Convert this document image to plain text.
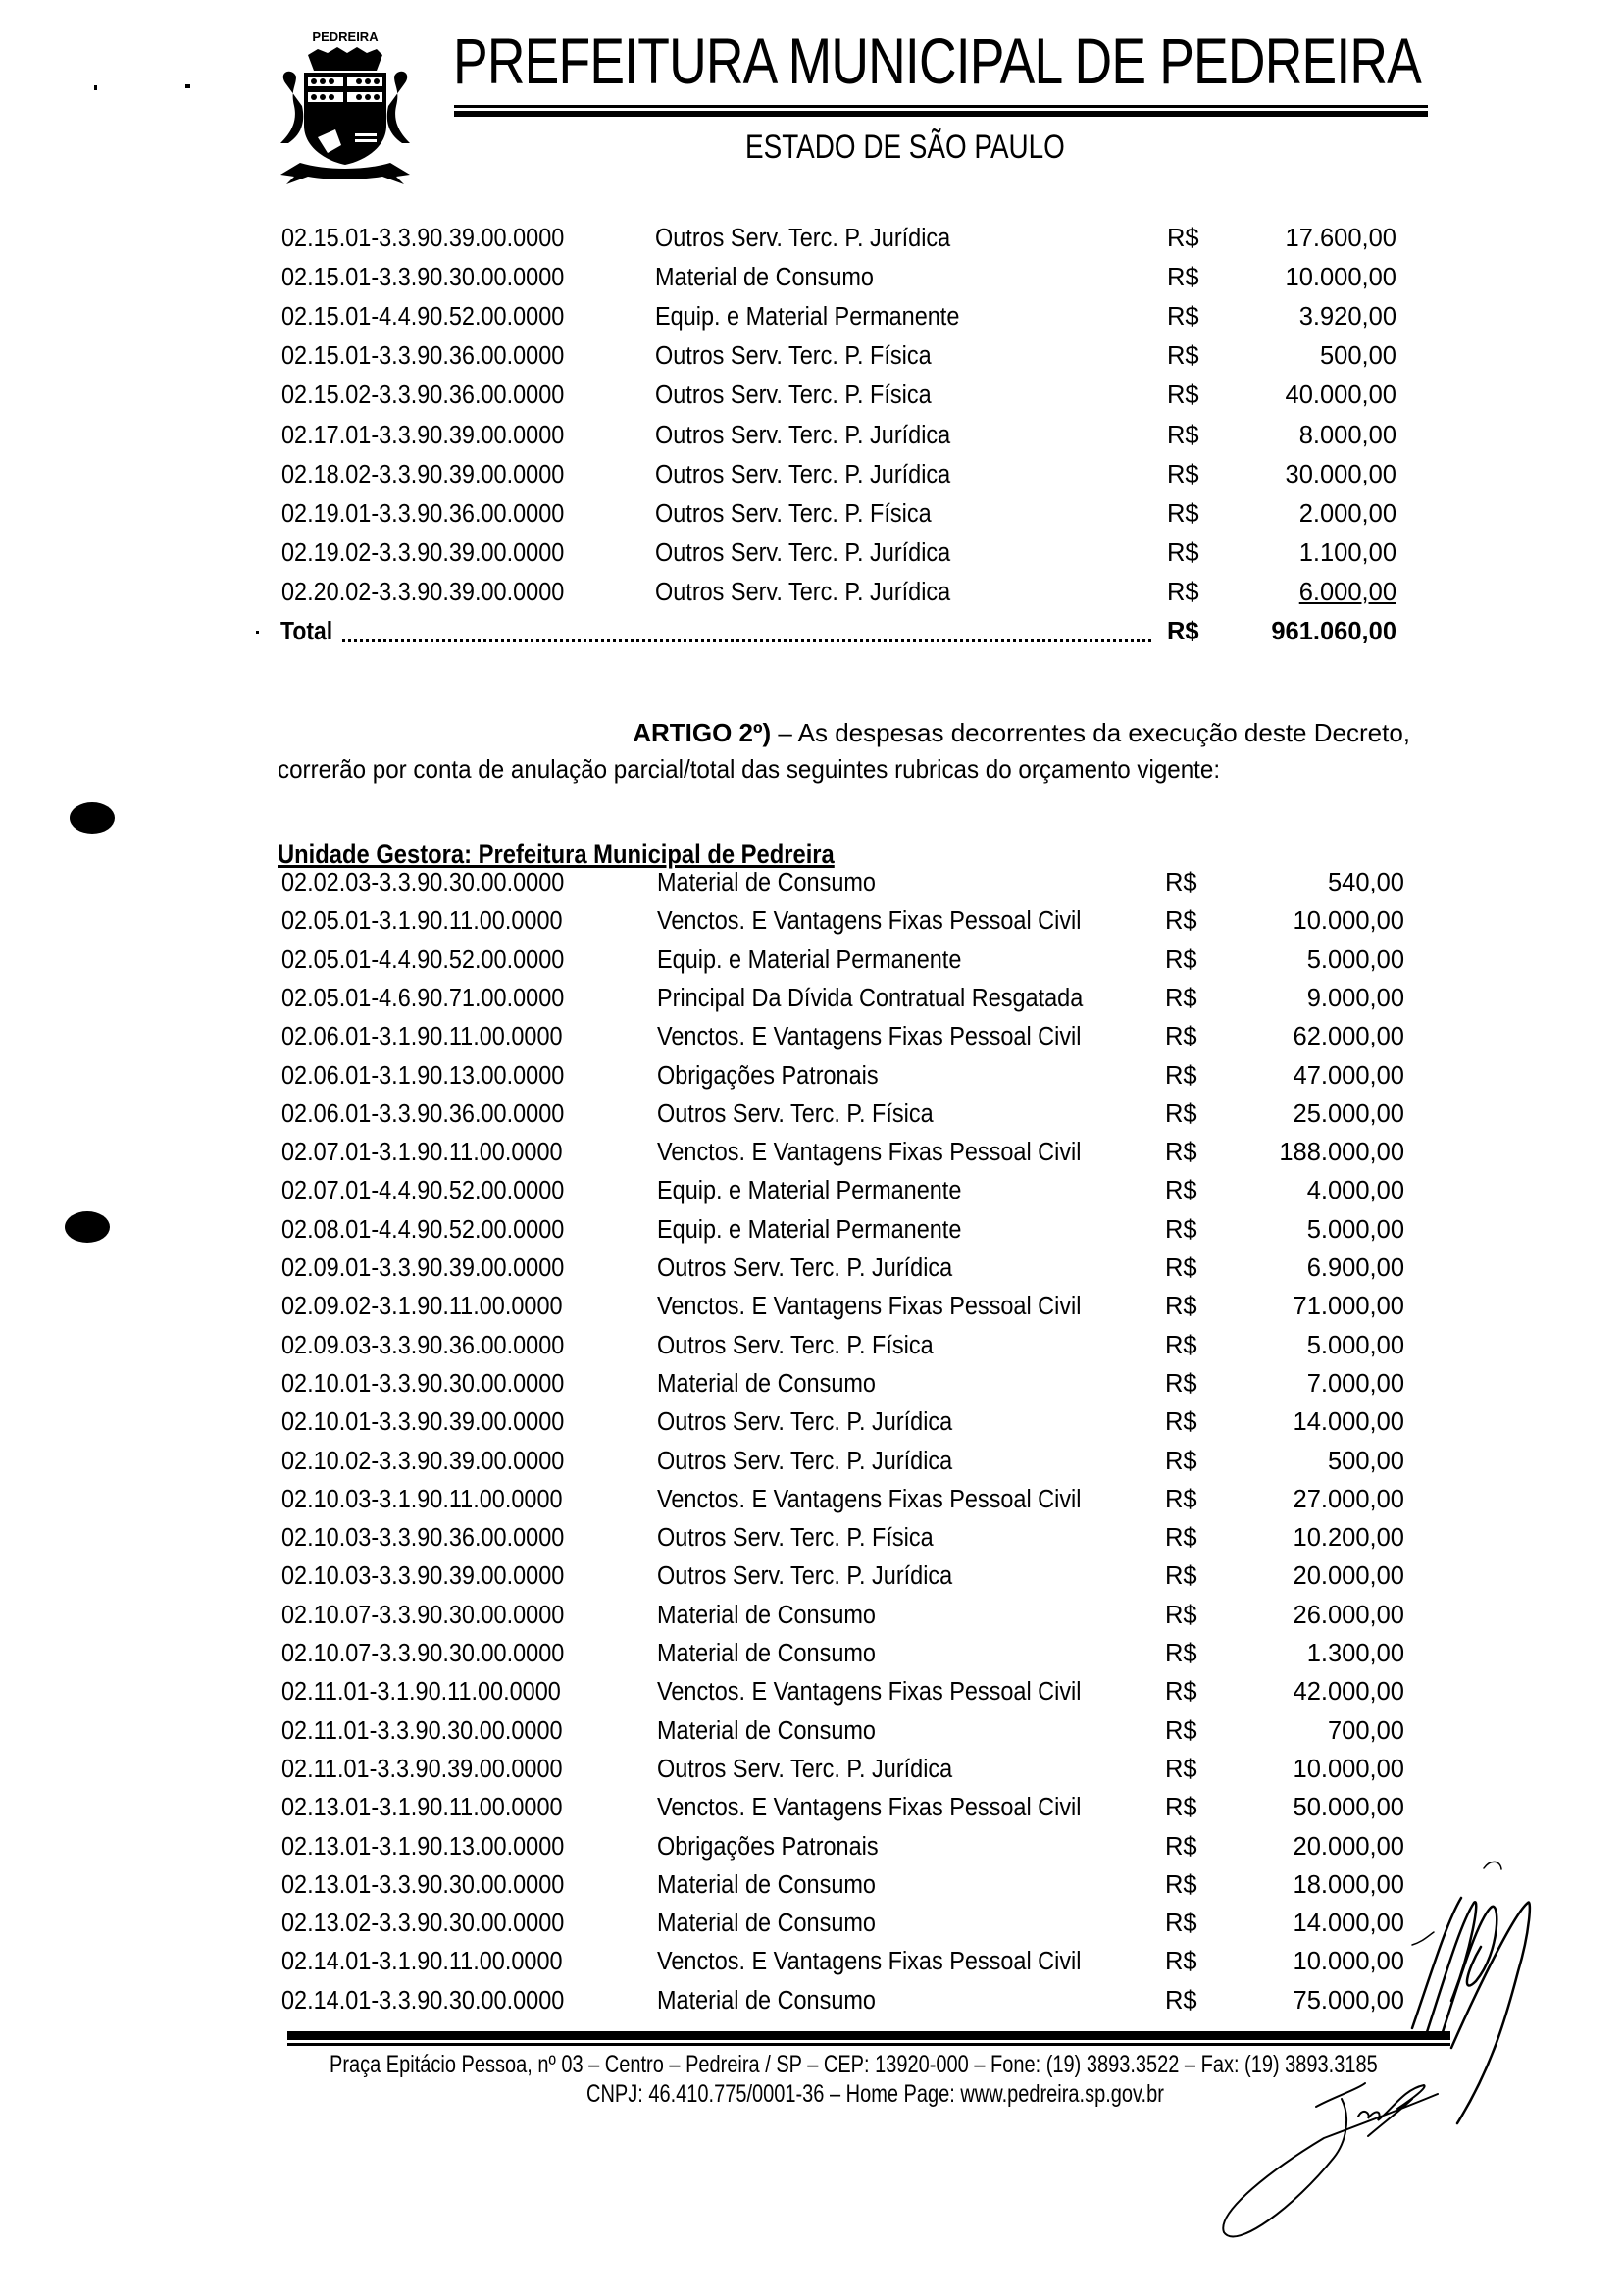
PEDREIRA PREFEITURA MUNICIPAL DE PEDREIRA
ESTADO DE SÃO PAULO
02.15.01-3.3.90.39.00.0000	Outros Serv. Terc. P. Jurídica	R$	17.600,00
02.15.01-3.3.90.30.00.0000	Material de Consumo	R$	10.000,00
02.15.01-4.4.90.52.00.0000	Equip. e Material Permanente	R$	3.920,00
02.15.01-3.3.90.36.00.0000	Outros Serv. Terc. P. Física	R$	500,00
02.15.02-3.3.90.36.00.0000	Outros Serv. Terc. P. Física	R$	40.000,00
02.17.01-3.3.90.39.00.0000	Outros Serv. Terc. P. Jurídica	R$	8.000,00
02.18.02-3.3.90.39.00.0000	Outros Serv. Terc. P. Jurídica	R$	30.000,00
02.19.01-3.3.90.36.00.0000	Outros Serv. Terc. P. Física	R$	2.000,00
02.19.02-3.3.90.39.00.0000	Outros Serv. Terc. P. Jurídica	R$	1.100,00
02.20.02-3.3.90.39.00.0000	Outros Serv. Terc. P. Jurídica	R$	6.000,00
Total	R$	961.060,00
ARTIGO 2º) – As despesas decorrentes da execução deste Decreto,
correrão por conta de anulação parcial/total das seguintes rubricas do orçamento vigente:
Unidade Gestora: Prefeitura Municipal de Pedreira
02.02.03-3.3.90.30.00.0000	Material de Consumo	R$	540,00
02.05.01-3.1.90.11.00.0000	Venctos. E Vantagens Fixas Pessoal Civil	R$	10.000,00
02.05.01-4.4.90.52.00.0000	Equip. e Material Permanente	R$	5.000,00
02.05.01-4.6.90.71.00.0000	Principal Da Dívida Contratual Resgatada	R$	9.000,00
02.06.01-3.1.90.11.00.0000	Venctos. E Vantagens Fixas Pessoal Civil	R$	62.000,00
02.06.01-3.1.90.13.00.0000	Obrigações Patronais	R$	47.000,00
02.06.01-3.3.90.36.00.0000	Outros Serv. Terc. P. Física	R$	25.000,00
02.07.01-3.1.90.11.00.0000	Venctos. E Vantagens Fixas Pessoal Civil	R$	188.000,00
02.07.01-4.4.90.52.00.0000	Equip. e Material Permanente	R$	4.000,00
02.08.01-4.4.90.52.00.0000	Equip. e Material Permanente	R$	5.000,00
02.09.01-3.3.90.39.00.0000	Outros Serv. Terc. P. Jurídica	R$	6.900,00
02.09.02-3.1.90.11.00.0000	Venctos. E Vantagens Fixas Pessoal Civil	R$	71.000,00
02.09.03-3.3.90.36.00.0000	Outros Serv. Terc. P. Física	R$	5.000,00
02.10.01-3.3.90.30.00.0000	Material de Consumo	R$	7.000,00
02.10.01-3.3.90.39.00.0000	Outros Serv. Terc. P. Jurídica	R$	14.000,00
02.10.02-3.3.90.39.00.0000	Outros Serv. Terc. P. Jurídica	R$	500,00
02.10.03-3.1.90.11.00.0000	Venctos. E Vantagens Fixas Pessoal Civil	R$	27.000,00
02.10.03-3.3.90.36.00.0000	Outros Serv. Terc. P. Física	R$	10.200,00
02.10.03-3.3.90.39.00.0000	Outros Serv. Terc. P. Jurídica	R$	20.000,00
02.10.07-3.3.90.30.00.0000	Material de Consumo	R$	26.000,00
02.10.07-3.3.90.30.00.0000	Material de Consumo	R$	1.300,00
02.11.01-3.1.90.11.00.0000	Venctos. E Vantagens Fixas Pessoal Civil	R$	42.000,00
02.11.01-3.3.90.30.00.0000	Material de Consumo	R$	700,00
02.11.01-3.3.90.39.00.0000	Outros Serv. Terc. P. Jurídica	R$	10.000,00
02.13.01-3.1.90.11.00.0000	Venctos. E Vantagens Fixas Pessoal Civil	R$	50.000,00
02.13.01-3.1.90.13.00.0000	Obrigações Patronais	R$	20.000,00
02.13.01-3.3.90.30.00.0000	Material de Consumo	R$	18.000,00
02.13.02-3.3.90.30.00.0000	Material de Consumo	R$	14.000,00
02.14.01-3.1.90.11.00.0000	Venctos. E Vantagens Fixas Pessoal Civil	R$	10.000,00
02.14.01-3.3.90.30.00.0000	Material de Consumo	R$	75.000,00
Praça Epitácio Pessoa, nº 03 – Centro – Pedreira / SP – CEP: 13920-000 – Fone: (19) 3893.3522 – Fax: (19) 3893.3185
CNPJ: 46.410.775/0001-36 – Home Page: www.pedreira.sp.gov.br
